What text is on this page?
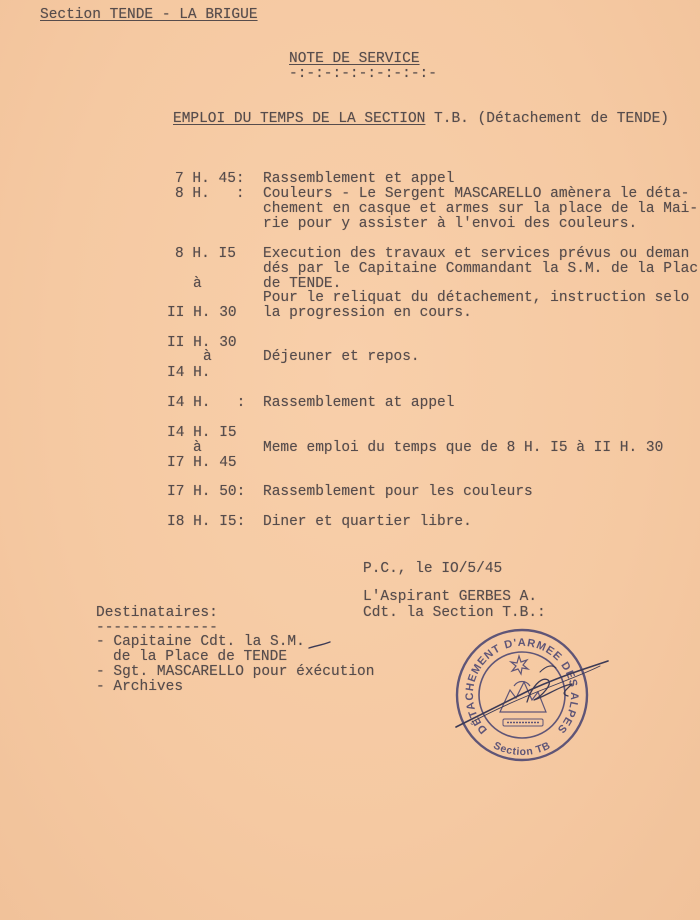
Section TENDE - LA BRIGUE
NOTE DE SERVICE
-:-:-:-:-:-:-:-:-
EMPLOI DU TEMPS DE LA SECTION T.B. (Détachement de TENDE)
7 H. 45: Rassemblement et appel
8 H.   : Couleurs - Le Sergent MASCARELLO amènera le déta-
chement en casque et armes sur la place de la Mai-
rie pour y assister à l'envoi des couleurs.
8 H. I5
à
II H. 30
Execution des travaux et services prévus ou deman
dés par le Capitaine Commandant la S.M. de la Plac
de TENDE.
Pour le reliquat du détachement, instruction selo
la progression en cours.
II H. 30
à
I4 H.
Déjeuner et repos.
I4 H.   : Rassemblement at appel
I4 H. I5
à
I7 H. 45
Meme emploi du temps que de 8 H. I5 à II H. 30
I7 H. 50: Rassemblement pour les couleurs
I8 H. I5: Diner et quartier libre.
P.C., le IO/5/45
L'Aspirant GERBES A.
Cdt. la Section T.B.:
Destinataires:
--------------
- Capitaine Cdt. la S.M.
de la Place de TENDE
- Sgt. MASCARELLO pour éxécution
- Archives
DÉTACHEMENT D'ARMEE DES ALPES
Section TB
